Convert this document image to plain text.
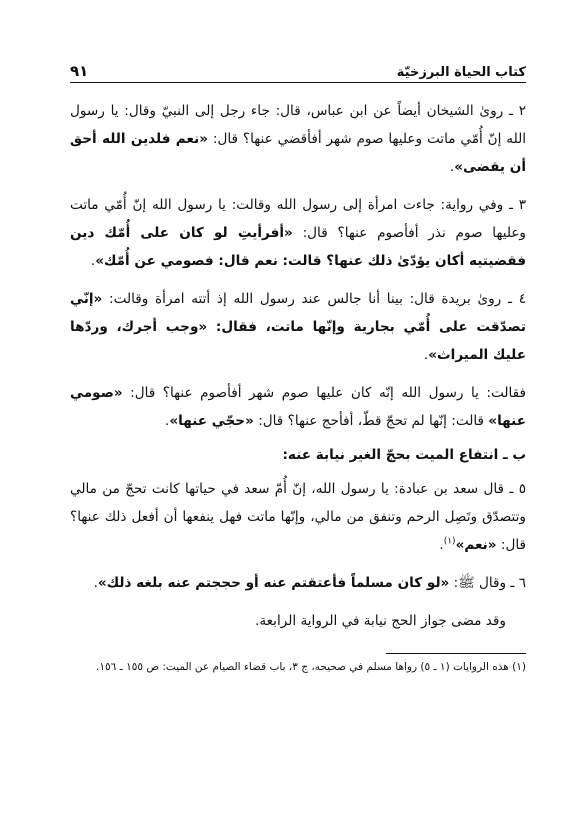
كتاب الحياة البرزخيّة
٩١

٢ ـ روىٰ الشيخان أيضاً عن ابن عباس، قال: جاء رجل إلى النبيّ وقال: يا رسول الله إنّ أُمّي ماتت وعليها صوم شهر أفأقضي عنها؟ قال: «نعم فلدين الله أحق أن يقضى».

٣ ـ وفي رواية: جاءت امرأة إلى رسول الله وقالت: يا رسول الله إنّ أُمّي ماتت وعليها صوم نذر أفأصوم عنها؟ قال: «أفرأيتِ لو كان على أُمّك دين فقضيتيه أكان يؤدّىٰ ذلك عنها؟ قالت: نعم قال: فصومي عن أُمّك».

٤ ـ روىٰ بريدة قال: بينا أنا جالس عند رسول الله إذ أتته امرأة وقالت: «إنّي تصدّقت على أُمّي بجارية وإنّها ماتت، فقال: «وجب أجرك، وردّها عليك الميراث».

فقالت: يا رسول الله إنّه كان عليها صوم شهر أفأصوم عنها؟ قال: «صومي عنها» قالت: إنّها لم تحجّ قطّ، أفأحج عنها؟ قال: «حجّي عنها».

ب ـ انتفاع الميت بحجّ الغير نيابة عنه:

٥ ـ قال سعد بن عبادة: يا رسول الله، إنّ أُمّ سعد في حياتها كانت تحجّ من مالي وتتصدّق وتَصِل الرحم وتنفق من مالي، وإنّها ماتت فهل ينفعها أن أفعل ذلك عنها؟ قال: «نعم»$^{(١)}$.

٦ ـ وقال ﷺ: «لو كان مسلماً فأعتقتم عنه أو حججتم عنه بلغه ذلك».

وقد مضى جواز الحج نيابة في الرواية الرابعة.

(١) هذه الروايات (١ ـ ٥) رواها مسلم في صحيحه، ج ٣، باب قضاء الصيام عن الميت: ص ١٥٥ ـ ١٥٦.
